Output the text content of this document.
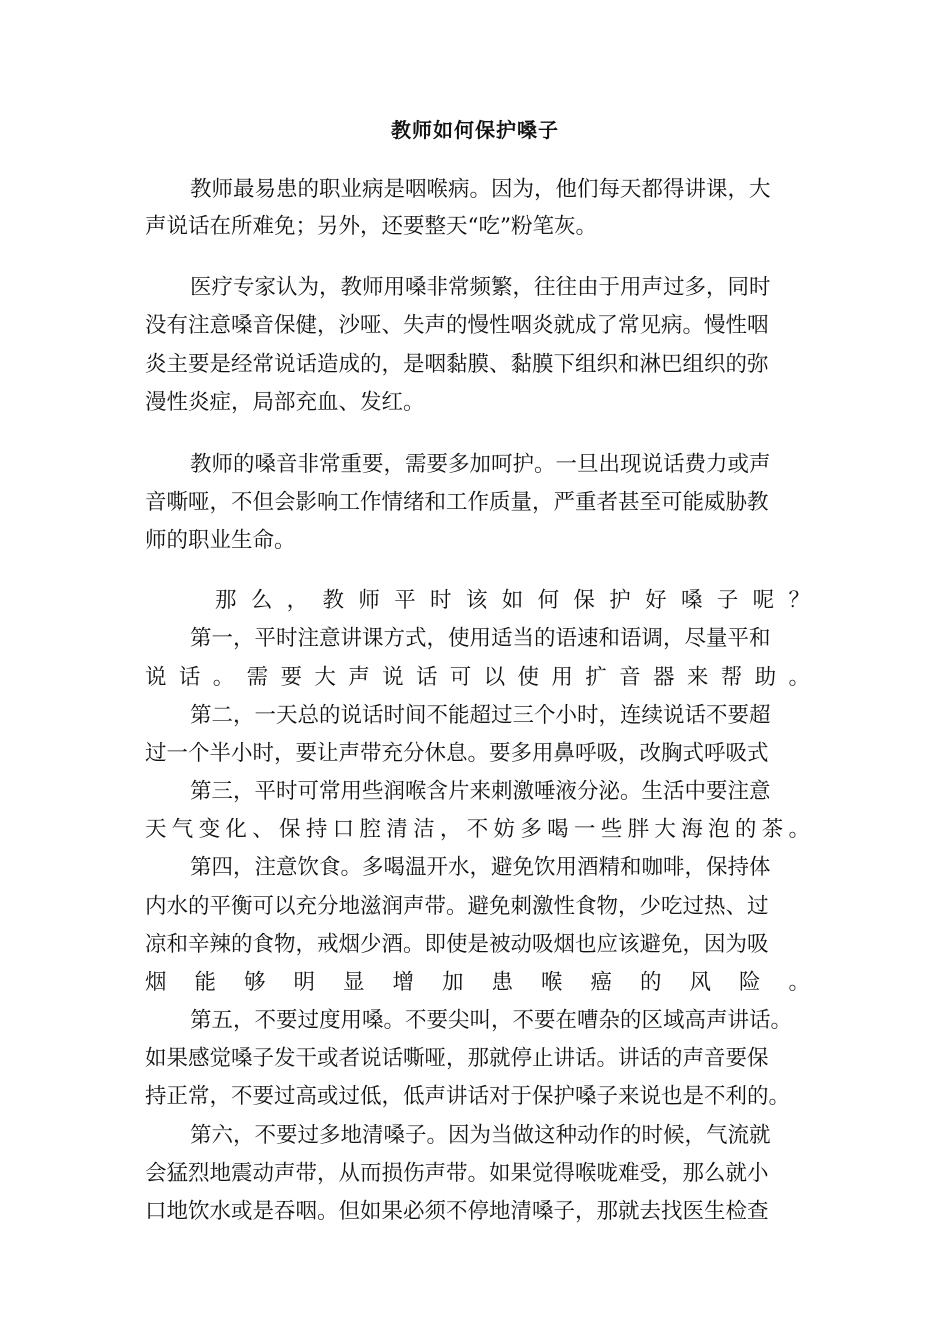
教师如何保护嗓子
教师最易患的职业病是咽喉病。因为，他们每天都得讲课，大
声说话在所难免；另外，还要整天“吃”粉笔灰。
医疗专家认为，教师用嗓非常频繁，往往由于用声过多，同时
没有注意嗓音保健，沙哑、失声的慢性咽炎就成了常见病。慢性咽
炎主要是经常说话造成的，是咽黏膜、黏膜下组织和淋巴组织的弥
漫性炎症，局部充血、发红。
教师的嗓音非常重要，需要多加呵护。一旦出现说话费力或声
音嘶哑，不但会影响工作情绪和工作质量，严重者甚至可能威胁教
师的职业生命。
那么，教师平时该如何保护好嗓子呢？
第一，平时注意讲课方式，使用适当的语速和语调，尽量平和
说话。需要大声说话可以使用扩音器来帮助。
第二，一天总的说话时间不能超过三个小时，连续说话不要超
过一个半小时，要让声带充分休息。要多用鼻呼吸，改胸式呼吸式
第三，平时可常用些润喉含片来刺激唾液分泌。生活中要注意
天气变化、保持口腔清洁，不妨多喝一些胖大海泡的茶。
第四，注意饮食。多喝温开水，避免饮用酒精和咖啡，保持体
内水的平衡可以充分地滋润声带。避免刺激性食物，少吃过热、过
凉和辛辣的食物，戒烟少酒。即使是被动吸烟也应该避免，因为吸
烟能够明显增加患喉癌的风险。
第五，不要过度用嗓。不要尖叫，不要在嘈杂的区域高声讲话。
如果感觉嗓子发干或者说话嘶哑，那就停止讲话。讲话的声音要保
持正常，不要过高或过低，低声讲话对于保护嗓子来说也是不利的。
第六，不要过多地清嗓子。因为当做这种动作的时候，气流就
会猛烈地震动声带，从而损伤声带。如果觉得喉咙难受，那么就小
口地饮水或是吞咽。但如果必须不停地清嗓子，那就去找医生检查
